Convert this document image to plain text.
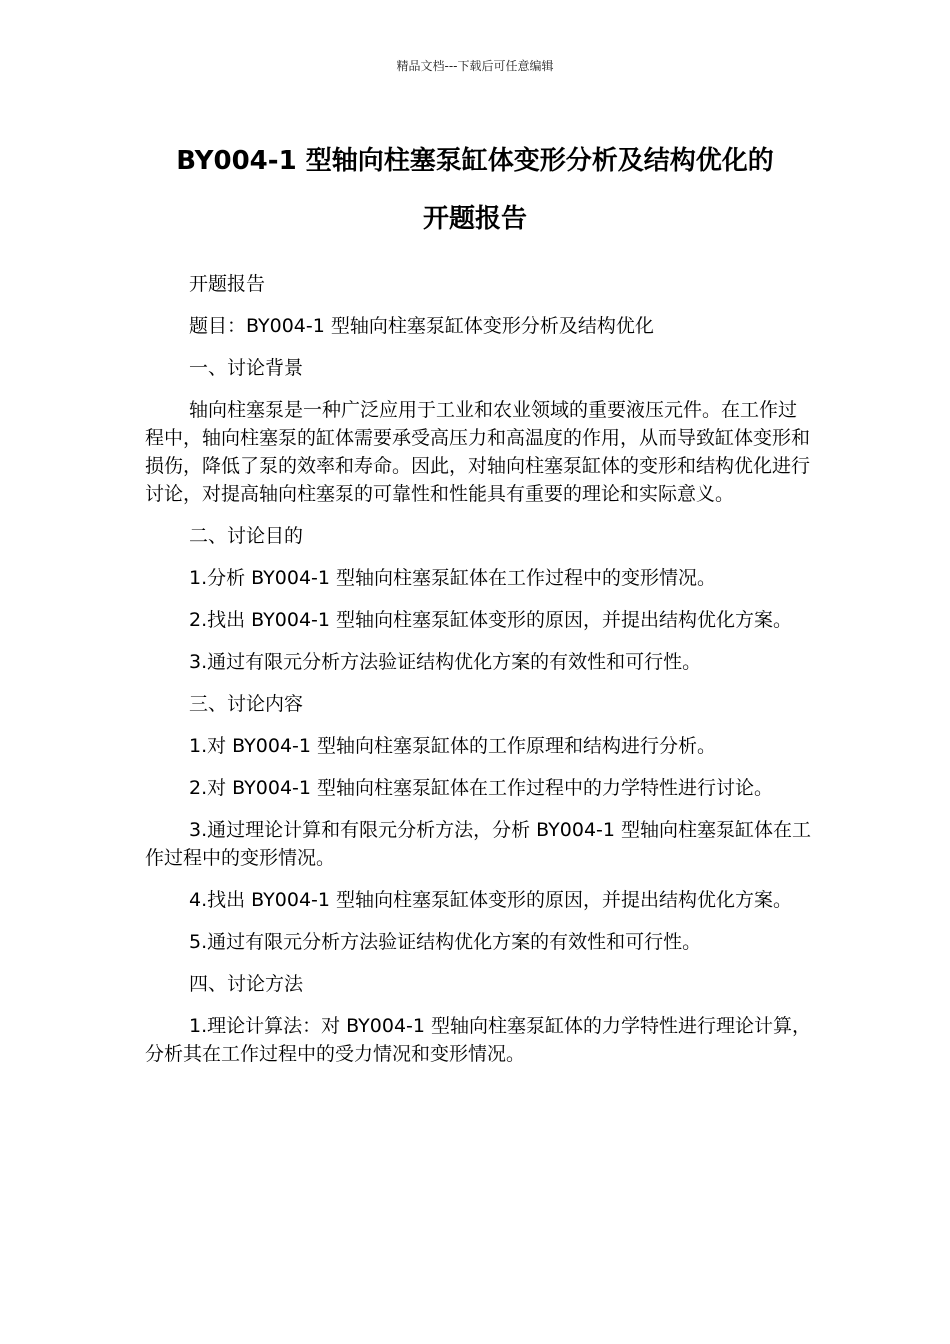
精品文档---下载后可任意编辑
BY004-1 型轴向柱塞泵缸体变形分析及结构优化的
开题报告

开题报告

题目：BY004-1 型轴向柱塞泵缸体变形分析及结构优化

一、讨论背景

轴向柱塞泵是一种广泛应用于工业和农业领域的重要液压元件。在工作过程中，轴向柱塞泵的缸体需要承受高压力和高温度的作用，从而导致缸体变形和损伤，降低了泵的效率和寿命。因此，对轴向柱塞泵缸体的变形和结构优化进行讨论，对提高轴向柱塞泵的可靠性和性能具有重要的理论和实际意义。

二、讨论目的

1.分析 BY004-1 型轴向柱塞泵缸体在工作过程中的变形情况。

2.找出 BY004-1 型轴向柱塞泵缸体变形的原因，并提出结构优化方案。

3.通过有限元分析方法验证结构优化方案的有效性和可行性。

三、讨论内容

1.对 BY004-1 型轴向柱塞泵缸体的工作原理和结构进行分析。

2.对 BY004-1 型轴向柱塞泵缸体在工作过程中的力学特性进行讨论。

3.通过理论计算和有限元分析方法，分析 BY004-1 型轴向柱塞泵缸体在工作过程中的变形情况。

4.找出 BY004-1 型轴向柱塞泵缸体变形的原因，并提出结构优化方案。

5.通过有限元分析方法验证结构优化方案的有效性和可行性。

四、讨论方法

1.理论计算法：对 BY004-1 型轴向柱塞泵缸体的力学特性进行理论计算，分析其在工作过程中的受力情况和变形情况。
